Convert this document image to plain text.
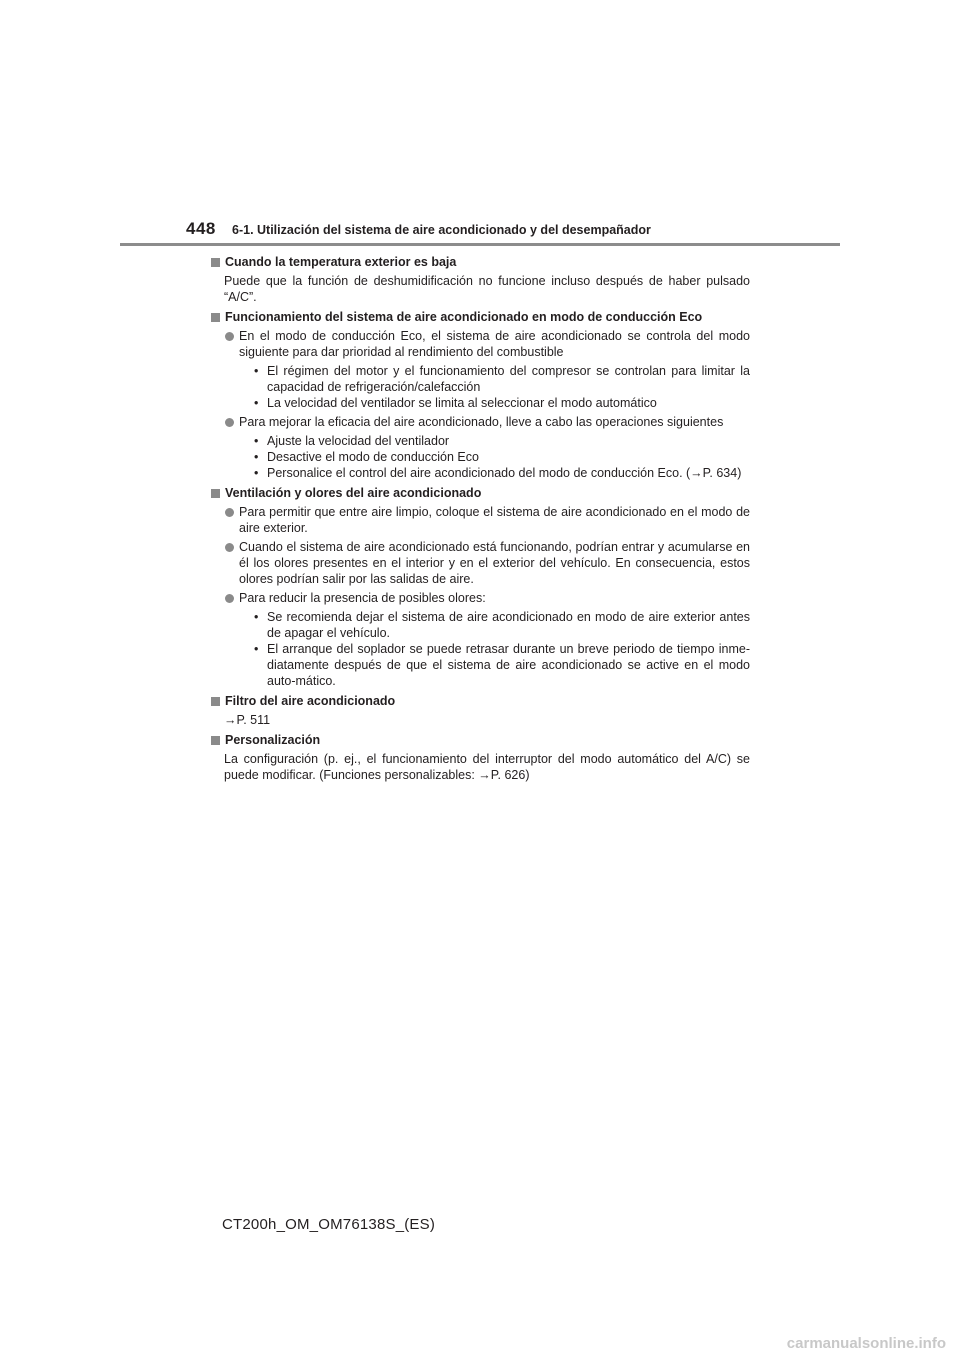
448 6-1. Utilización del sistema de aire acondicionado y del desempañador
Cuando la temperatura exterior es baja
Puede que la función de deshumidificación no funcione incluso después de haber pulsado “A/C”.
Funcionamiento del sistema de aire acondicionado en modo de conducción Eco
En el modo de conducción Eco, el sistema de aire acondicionado se controla del modo siguiente para dar prioridad al rendimiento del combustible
• El régimen del motor y el funcionamiento del compresor se controlan para limitar la capacidad de refrigeración/calefacción
• La velocidad del ventilador se limita al seleccionar el modo automático
Para mejorar la eficacia del aire acondicionado, lleve a cabo las operaciones siguientes
• Ajuste la velocidad del ventilador
• Desactive el modo de conducción Eco
• Personalice el control del aire acondicionado del modo de conducción Eco. (→P. 634)
Ventilación y olores del aire acondicionado
Para permitir que entre aire limpio, coloque el sistema de aire acondicionado en el modo de aire exterior.
Cuando el sistema de aire acondicionado está funcionando, podrían entrar y acumularse en él los olores presentes en el interior y en el exterior del vehículo. En consecuencia, estos olores podrían salir por las salidas de aire.
Para reducir la presencia de posibles olores:
• Se recomienda dejar el sistema de aire acondicionado en modo de aire exterior antes de apagar el vehículo.
• El arranque del soplador se puede retrasar durante un breve periodo de tiempo inme-diatamente después de que el sistema de aire acondicionado se active en el modo auto-mático.
Filtro del aire acondicionado
→P. 511
Personalización
La configuración (p. ej., el funcionamiento del interruptor del modo automático del A/C) se puede modificar. (Funciones personalizables: →P. 626)
CT200h_OM_OM76138S_(ES)
carmanualsonline.info
